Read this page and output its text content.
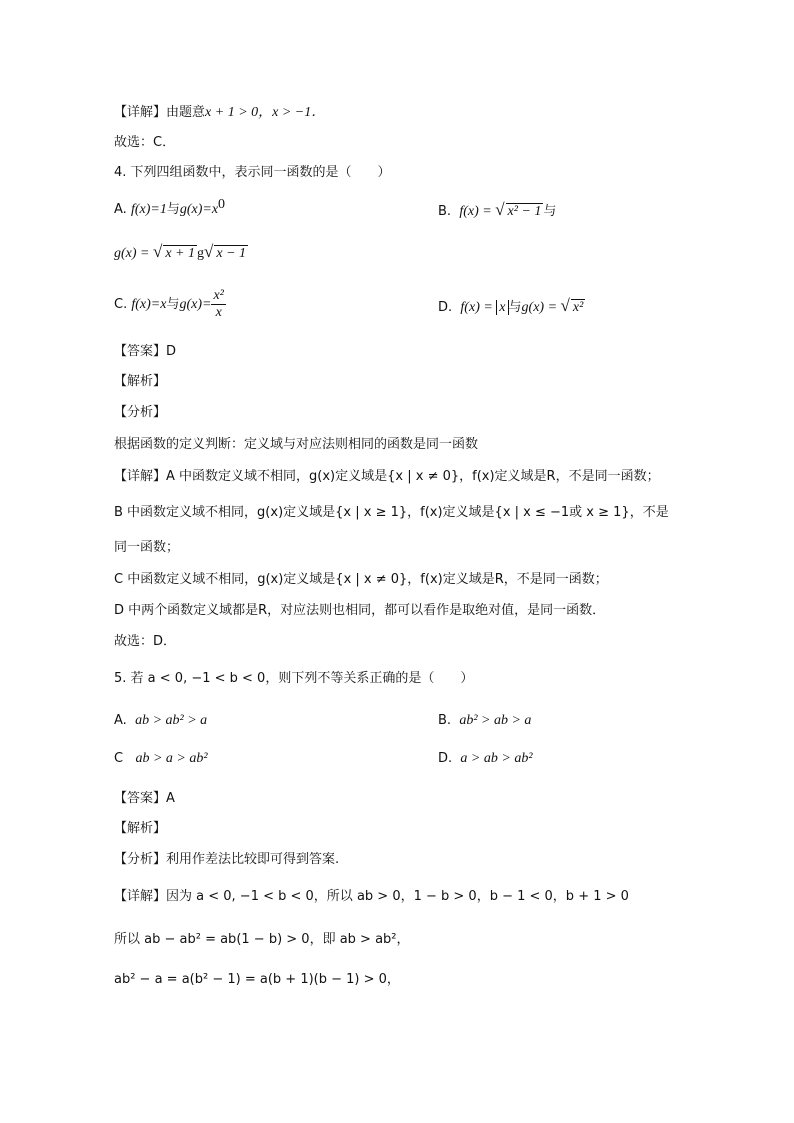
【详解】由题意x + 1 > 0，x > −1．
故选：C．
4. 下列四组函数中，表示同一函数的是（　　）
A. f(x)=1与$g(x)=x^0$	B. f(x) = √ x² − 1 与
g(x) = √ x + 1 g√ x − 1
C. f(x)=x与$g(x)= \frac{\text{x²}}{x}$	D. f(x) = x 与g(x) = √ x²
【答案】D
【解析】
【分析】
根据函数的定义判断：定义域与对应法则相同的函数是同一函数
【详解】A 中函数定义域不相同，g(x)定义域是{x | x ≠ 0}，f(x)定义域是R，不是同一函数；
B 中函数定义域不相同，g(x)定义域是{x | x ≥ 1}，f(x)定义域是{x | x ≤ −1或 x ≥ 1}，不是
同一函数；
C 中函数定义域不相同，g(x)定义域是{x | x ≠ 0}，f(x)定义域是R，不是同一函数；
D 中两个函数定义域都是R，对应法则也相同，都可以看作是取绝对值，是同一函数．
故选：D．
5. 若 a < 0, −1 < b < 0，则下列不等关系正确的是（　　）
A. ab > ab² > a	B. ab² > ab > a
C ab > a > ab²	D. a > ab > ab²
【答案】A
【解析】
【分析】利用作差法比较即可得到答案.
【详解】因为 a < 0, −1 < b < 0，所以 ab > 0，1 − b > 0，b − 1 < 0，b + 1 > 0
所以 ab − ab² = ab(1 − b) > 0，即 ab > ab²，
ab² − a = a(b² − 1) = a(b + 1)(b − 1) > 0，
